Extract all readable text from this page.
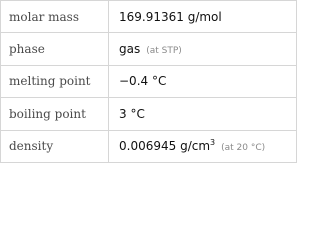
molar mass	169.91361 g/mol
phase	gas (at STP)
melting point	−0.4 °C
boiling point	3 °C
density	0.006945 $g/cm^3(at$ 20 °C)
